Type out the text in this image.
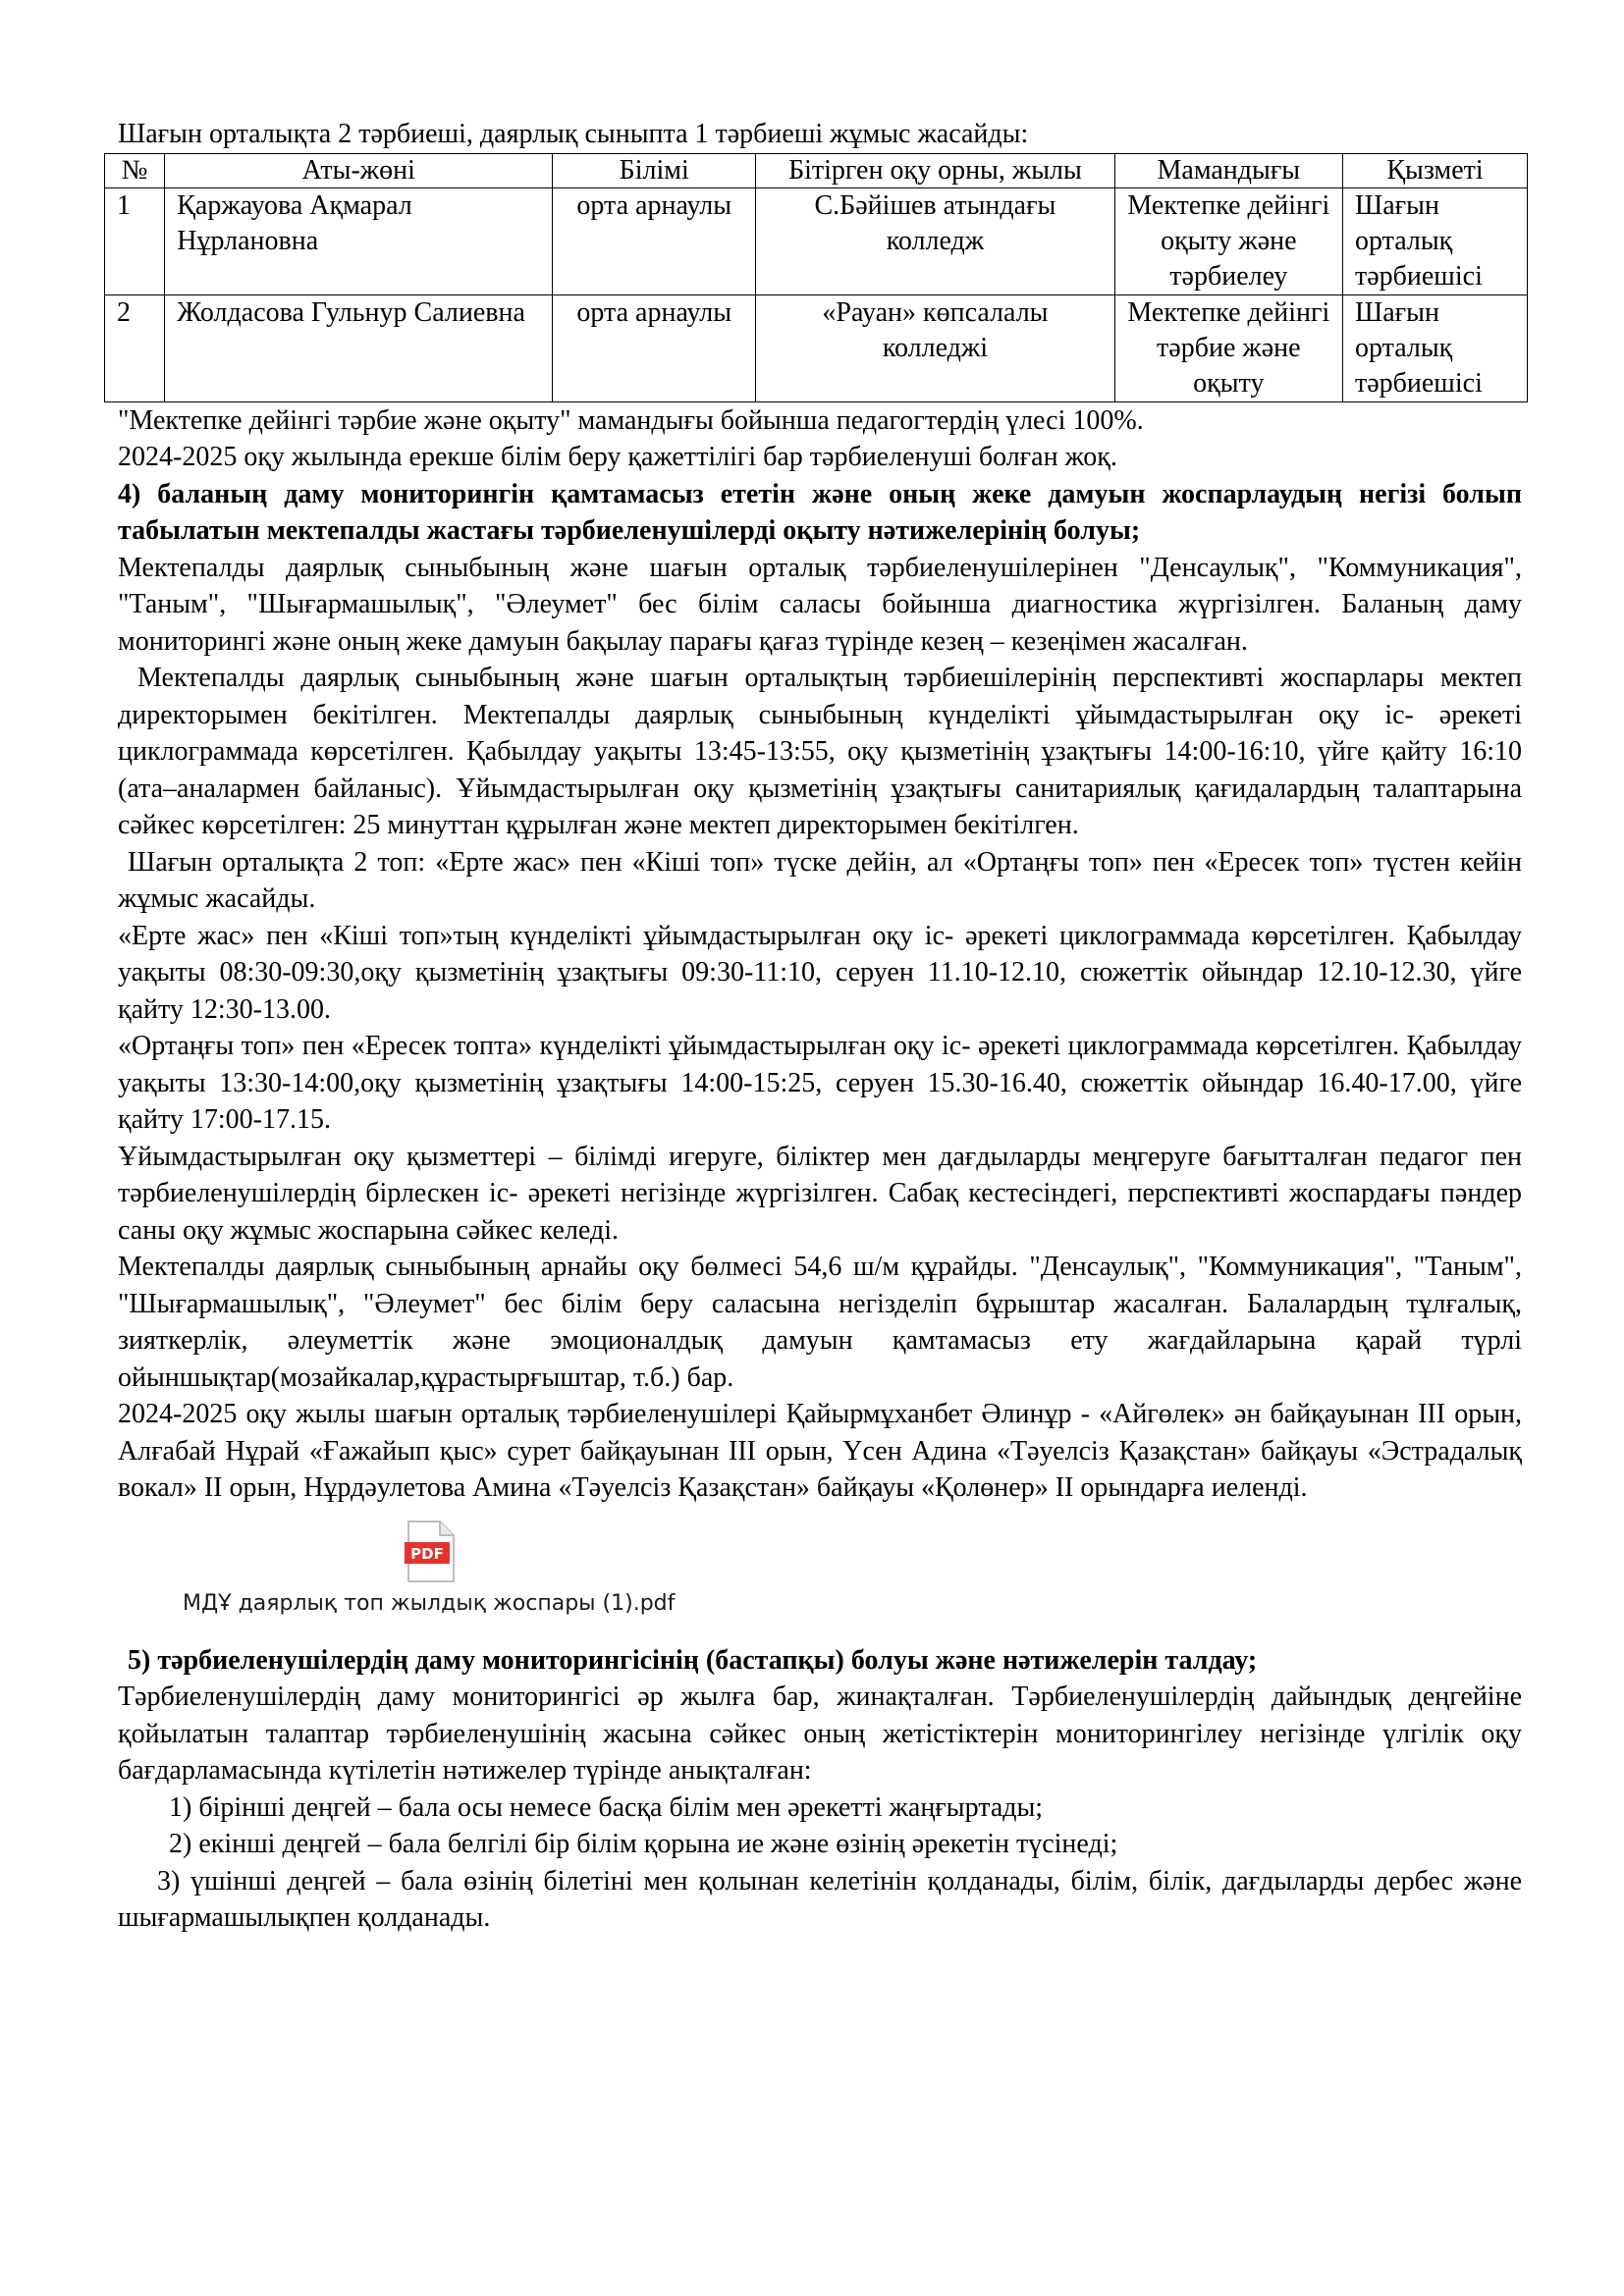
Шағын орталықта 2 тәрбиеші, даярлық сыныпта 1 тәрбиеші жұмыс жасайды:

№	Аты-жөні	Білімі	Бітірген оқу орны, жылы	Мамандығы	Қызметі
1	Қаржауова Ақмарал Нұрлановна	орта арнаулы	С.Бәйішев атындағы колледж	Мектепке дейінгі оқыту және тәрбиелеу	Шағын орталық тәрбиешісі
2	Жолдасова Гульнур Салиевна	орта арнаулы	«Рауан» көпсалалы колледжі	Мектепке дейінгі тәрбие және оқыту	Шағын орталық тәрбиешісі

"Мектепке дейінгі тәрбие және оқыту" мамандығы бойынша педагогтердің үлесі 100%.

2024-2025 оқу жылында ерекше білім беру қажеттілігі бар тәрбиеленуші болған жоқ.

4) баланың даму мониторингін қамтамасыз ететін және оның жеке дамуын жоспарлаудың негізі болып табылатын мектепалды жастағы тәрбиеленушілерді оқыту нәтижелерінің болуы;

Мектепалды даярлық сыныбының және шағын орталық тәрбиеленушілерінен "Денсаулық", "Коммуникация", "Таным", "Шығармашылық", "Әлеумет" бес білім саласы бойынша диагностика жүргізілген. Баланың даму мониторингі және оның жеке дамуын бақылау парағы қағаз түрінде кезең – кезеңімен жасалған.

Мектепалды даярлық сыныбының және шағын орталықтың тәрбиешілерінің перспективті жоспарлары мектеп директорымен бекітілген. Мектепалды даярлық сыныбының күнделікті ұйымдастырылған оқу іс- әрекеті циклограммада көрсетілген. Қабылдау уақыты 13:45-13:55, оқу қызметінің ұзақтығы 14:00-16:10, үйге қайту 16:10 (ата–аналармен байланыс). Ұйымдастырылған оқу қызметінің ұзақтығы санитариялық қағидалардың талаптарына сәйкес көрсетілген: 25 минуттан құрылған және мектеп директорымен бекітілген.

Шағын орталықта 2 топ: «Ерте жас» пен «Кіші топ» түске дейін, ал «Ортаңғы топ» пен «Ересек топ» түстен кейін жұмыс жасайды.

«Ерте жас» пен «Кіші топ»тың күнделікті ұйымдастырылған оқу іс- әрекеті циклограммада көрсетілген. Қабылдау уақыты 08:30-09:30,оқу қызметінің ұзақтығы 09:30-11:10, серуен 11.10-12.10, сюжеттік ойындар 12.10-12.30, үйге қайту 12:30-13.00.

«Ортаңғы топ» пен «Ересек топта» күнделікті ұйымдастырылған оқу іс- әрекеті циклограммада көрсетілген. Қабылдау уақыты 13:30-14:00,оқу қызметінің ұзақтығы 14:00-15:25, серуен 15.30-16.40, сюжеттік ойындар 16.40-17.00, үйге қайту 17:00-17.15.

Ұйымдастырылған оқу қызметтері – білімді игеруге, біліктер мен дағдыларды меңгеруге бағытталған педагог пен тәрбиеленушілердің бірлескен іс- әрекеті негізінде жүргізілген. Сабақ кестесіндегі, перспективті жоспардағы пәндер саны оқу жұмыс жоспарына сәйкес келеді.

Мектепалды даярлық сыныбының арнайы оқу бөлмесі 54,6 ш/м құрайды. "Денсаулық", "Коммуникация", "Таным", "Шығармашылық", "Әлеумет" бес білім беру саласына негізделіп бұрыштар жасалған. Балалардың тұлғалық, зияткерлік, әлеуметтік және эмоционалдық дамуын қамтамасыз ету жағдайларына қарай түрлі ойыншықтар(мозайкалар,құрастырғыштар, т.б.) бар.

2024-2025 оқу жылы шағын орталық тәрбиеленушілері Қайырмұханбет Әлинұр - «Айгөлек» ән байқауынан ІІІ орын, Алғабай Нұрай «Ғажайып қыс» сурет байқауынан ІІІ орын, Үсен Адина «Тәуелсіз Қазақстан» байқауы «Эстрадалық вокал» ІІ орын, Нұрдәулетова Амина «Тәуелсіз Қазақстан» байқауы «Қолөнер» ІІ орындарға иеленді.

PDF
МДҰ даярлық топ жылдық жоспары (1).pdf

5) тәрбиеленушілердің даму мониторингісінің (бастапқы) болуы және нәтижелерін талдау;

Тәрбиеленушілердің даму мониторингісі әр жылға бар, жинақталған. Тәрбиеленушілердің дайындық деңгейіне қойылатын талаптар тәрбиеленушінің жасына сәйкес оның жетістіктерін мониторингілеу негізінде үлгілік оқу бағдарламасында күтілетін нәтижелер түрінде анықталған:

1) бірінші деңгей – бала осы немесе басқа білім мен әрекетті жаңғыртады;

2) екінші деңгей – бала белгілі бір білім қорына ие және өзінің әрекетін түсінеді;

3) үшінші деңгей – бала өзінің білетіні мен қолынан келетінін қолданады, білім, білік, дағдыларды дербес және шығармашылықпен қолданады.
